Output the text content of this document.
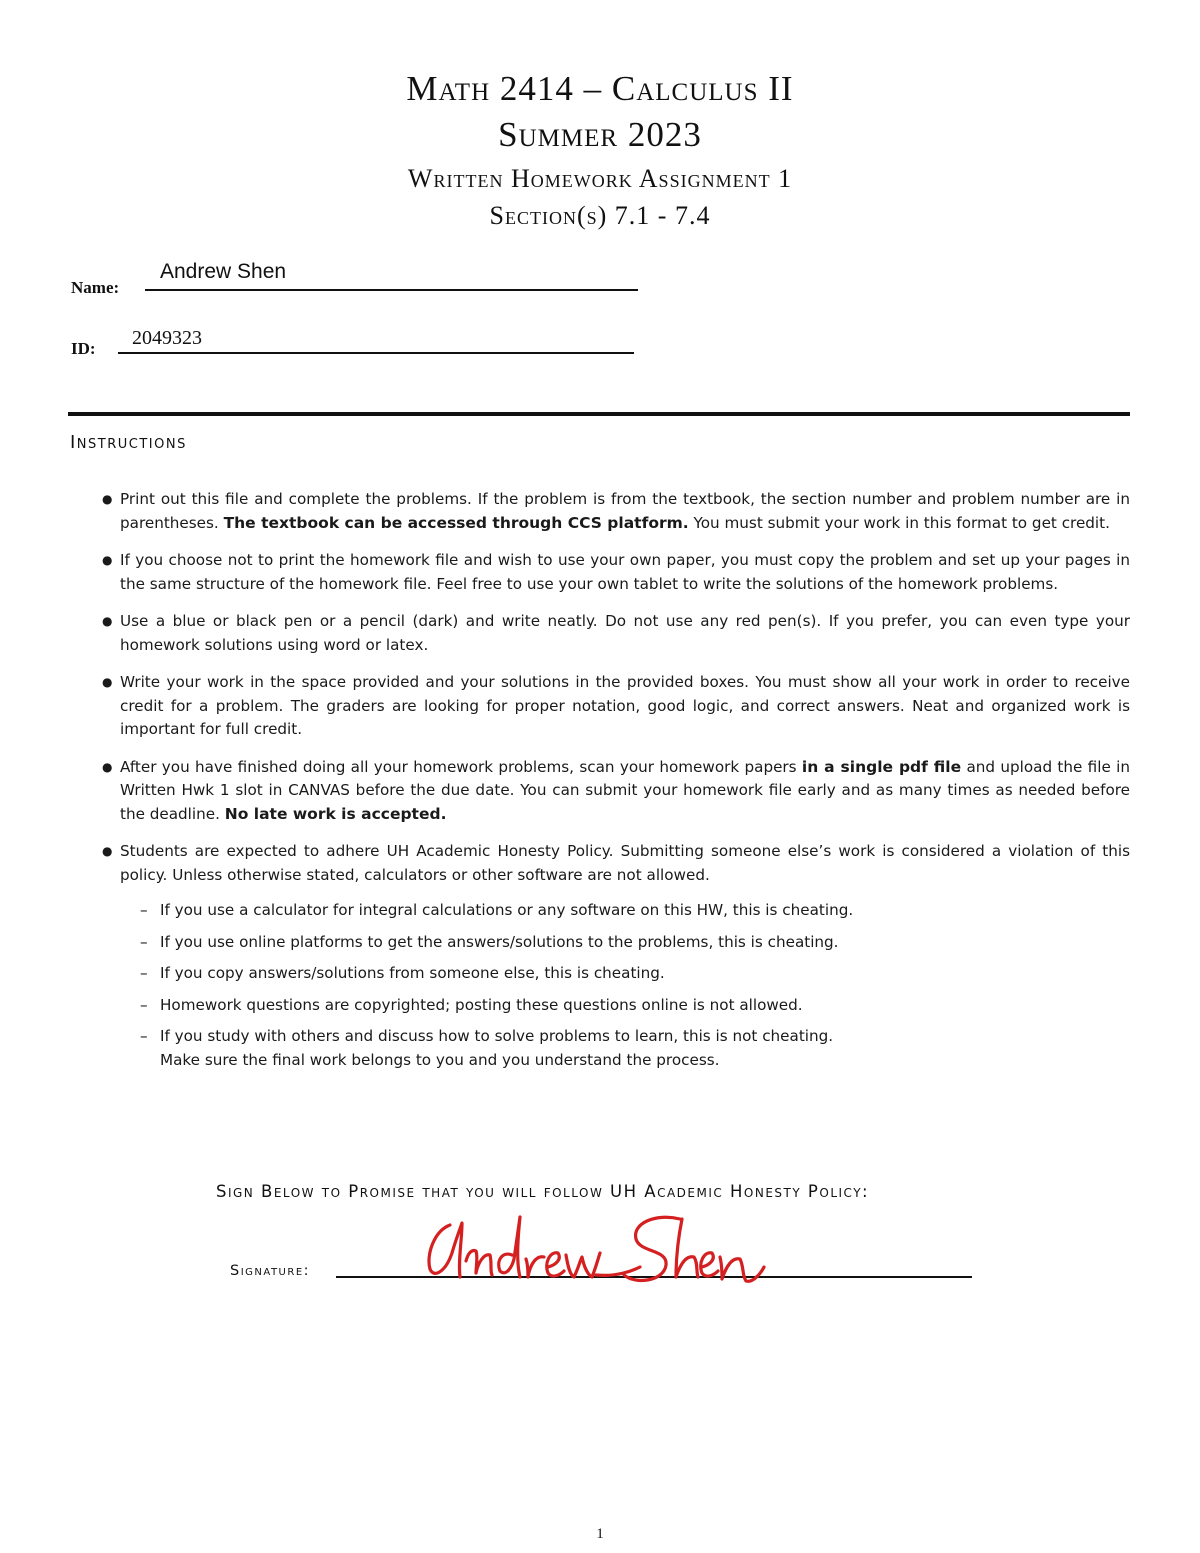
Math 2414 – Calculus II
Summer 2023
Written Homework Assignment 1
Section(s) 7.1 - 7.4
Name:
Andrew Shen
ID: 2049323
Instructions
● Print out this file and complete the problems. If the problem is from the textbook, the section number and problem number are in parentheses. The textbook can be accessed through CCS platform. You must submit your work in this format to get credit.
● If you choose not to print the homework file and wish to use your own paper, you must copy the problem and set up your pages in the same structure of the homework file. Feel free to use your own tablet to write the solutions of the homework problems.
● Use a blue or black pen or a pencil (dark) and write neatly. Do not use any red pen(s). If you prefer, you can even type your homework solutions using word or latex.
● Write your work in the space provided and your solutions in the provided boxes. You must show all your work in order to receive credit for a problem. The graders are looking for proper notation, good logic, and correct answers. Neat and organized work is important for full credit.
● After you have finished doing all your homework problems, scan your homework papers in a single pdf file and upload the file in Written Hwk 1 slot in CANVAS before the due date. You can submit your homework file early and as many times as needed before the deadline. No late work is accepted.
● Students are expected to adhere UH Academic Honesty Policy. Submitting someone else’s work is considered a violation of this policy. Unless otherwise stated, calculators or other software are not allowed.
– If you use a calculator for integral calculations or any software on this HW, this is cheating.
– If you use online platforms to get the answers/solutions to the problems, this is cheating.
– If you copy answers/solutions from someone else, this is cheating.
– Homework questions are copyrighted; posting these questions online is not allowed.
– If you study with others and discuss how to solve problems to learn, this is not cheating.
Make sure the final work belongs to you and you understand the process.
Sign Below to Promise that you will follow UH Academic Honesty Policy:
Signature:
1
